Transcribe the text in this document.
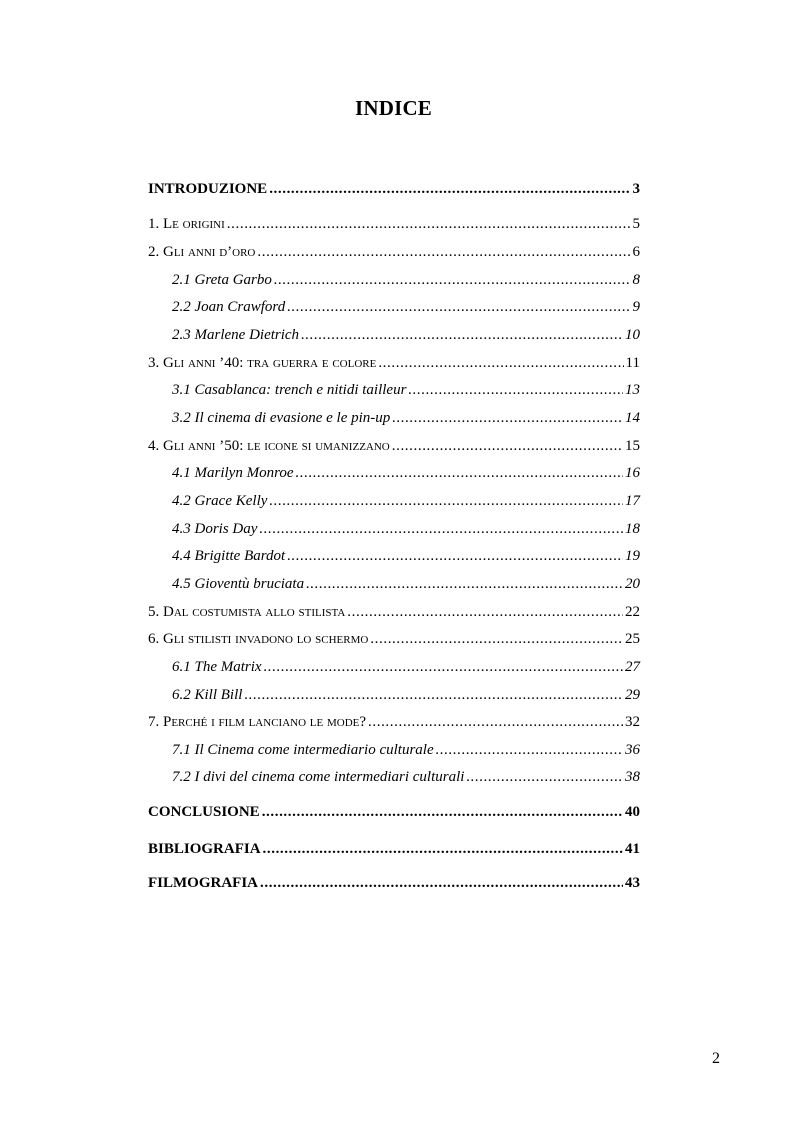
INDICE
INTRODUZIONE .....	3
1. Le origini .....	5
2. Gli anni d’oro .....	6
2.1 Greta Garbo .....	8
2.2 Joan Crawford .....	9
2.3 Marlene Dietrich .....	10
3. Gli anni ’40: tra guerra e colore .....	11
3.1 Casablanca: trench e nitidi tailleur .....	13
3.2 Il cinema di evasione e le pin-up .....	14
4. Gli anni ’50: le icone si umanizzano .....	15
4.1 Marilyn Monroe .....	16
4.2 Grace Kelly .....	17
4.3 Doris Day .....	18
4.4 Brigitte Bardot .....	19
4.5 Gioventù bruciata .....	20
5. Dal costumista allo stilista .....	22
6. Gli stilisti invadono lo schermo .....	25
6.1 The Matrix .....	27
6.2 Kill Bill .....	29
7. Perché i film lanciano le mode? .....	32
7.1 Il Cinema come intermediario culturale .....	36
7.2 I divi del cinema come intermediari culturali .....	38
CONCLUSIONE .....	40
BIBLIOGRAFIA .....	41
FILMOGRAFIA .....	43
2
